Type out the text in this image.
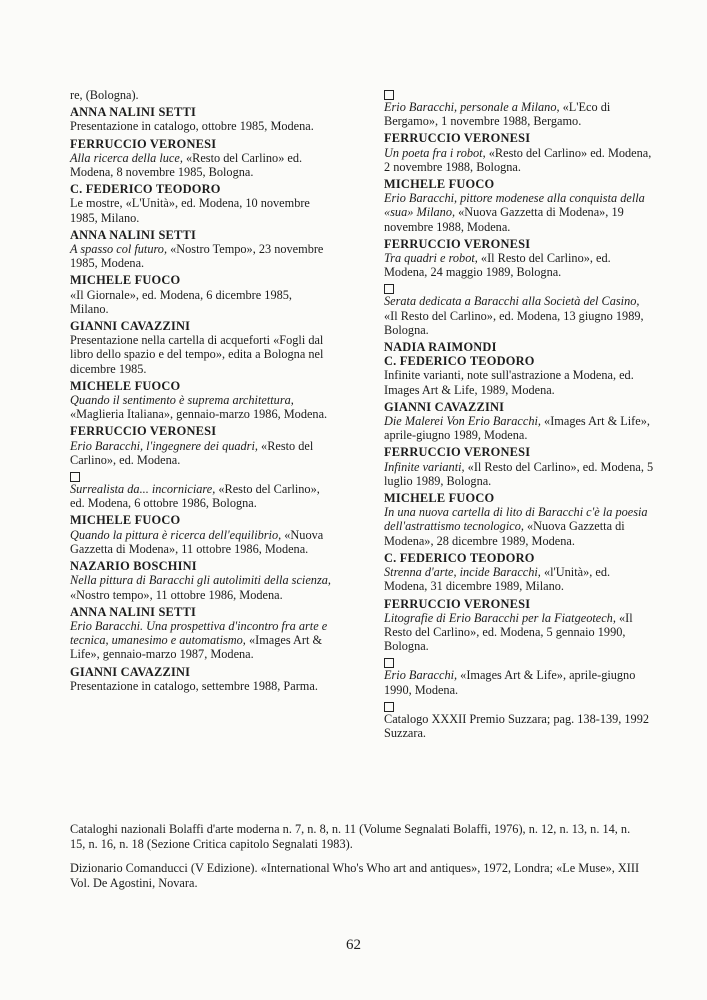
re, (Bologna).
ANNA NALINI SETTI
Presentazione in catalogo, ottobre 1985, Modena.
FERRUCCIO VERONESI
Alla ricerca della luce, «Resto del Carlino» ed. Modena, 8 novembre 1985, Bologna.
C. FEDERICO TEODORO
Le mostre, «L'Unità», ed. Modena, 10 novembre 1985, Milano.
ANNA NALINI SETTI
A spasso col futuro, «Nostro Tempo», 23 novembre 1985, Modena.
MICHELE FUOCO
«Il Giornale», ed. Modena, 6 dicembre 1985, Milano.
GIANNI CAVAZZINI
Presentazione nella cartella di acqueforti «Fogli dal libro dello spazio e del tempo», edita a Bologna nel dicembre 1985.
MICHELE FUOCO
Quando il sentimento è suprema architettura, «Maglieria Italiana», gennaio-marzo 1986, Modena.
FERRUCCIO VERONESI
Erio Baracchi, l'ingegnere dei quadri, «Resto del Carlino», ed. Modena.
Surrealista da... incorniciare, «Resto del Carlino», ed. Modena, 6 ottobre 1986, Bologna.
MICHELE FUOCO
Quando la pittura è ricerca dell'equilibrio, «Nuova Gazzetta di Modena», 11 ottobre 1986, Modena.
NAZARIO BOSCHINI
Nella pittura di Baracchi gli autolimiti della scienza, «Nostro tempo», 11 ottobre 1986, Modena.
ANNA NALINI SETTI
Erio Baracchi. Una prospettiva d'incontro fra arte e tecnica, umanesimo e automatismo, «Images Art & Life», gennaio-marzo 1987, Modena.
GIANNI CAVAZZINI
Presentazione in catalogo, settembre 1988, Parma.
Erio Baracchi, personale a Milano, «L'Eco di Bergamo», 1 novembre 1988, Bergamo.
FERRUCCIO VERONESI
Un poeta fra i robot, «Resto del Carlino» ed. Modena, 2 novembre 1988, Bologna.
MICHELE FUOCO
Erio Baracchi, pittore modenese alla conquista della «sua» Milano, «Nuova Gazzetta di Modena», 19 novembre 1988, Modena.
FERRUCCIO VERONESI
Tra quadri e robot, «Il Resto del Carlino», ed. Modena, 24 maggio 1989, Bologna.
Serata dedicata a Baracchi alla Società del Casino, «Il Resto del Carlino», ed. Modena, 13 giugno 1989, Bologna.
NADIA RAIMONDI
C. FEDERICO TEODORO
Infinite varianti, note sull'astrazione a Modena, ed. Images Art & Life, 1989, Modena.
GIANNI CAVAZZINI
Die Malerei Von Erio Baracchi, «Images Art & Life», aprile-giugno 1989, Modena.
FERRUCCIO VERONESI
Infinite varianti, «Il Resto del Carlino», ed. Modena, 5 luglio 1989, Bologna.
MICHELE FUOCO
In una nuova cartella di lito di Baracchi c'è la poesia dell'astrattismo tecnologico, «Nuova Gazzetta di Modena», 28 dicembre 1989, Modena.
C. FEDERICO TEODORO
Strenna d'arte, incide Baracchi, «l'Unità», ed. Modena, 31 dicembre 1989, Milano.
FERRUCCIO VERONESI
Litografie di Erio Baracchi per la Fiatgeotech, «Il Resto del Carlino», ed. Modena, 5 gennaio 1990, Bologna.
Erio Baracchi, «Images Art & Life», aprile-giugno 1990, Modena.
Catalogo XXXII Premio Suzzara; pag. 138-139, 1992 Suzzara.
Cataloghi nazionali Bolaffi d'arte moderna n. 7, n. 8, n. 11 (Volume Segnalati Bolaffi, 1976), n. 12, n. 13, n. 14, n. 15, n. 16, n. 18 (Sezione Critica capitolo Segnalati 1983).
Dizionario Comanducci (V Edizione). «International Who's Who art and antiques», 1972, Londra; «Le Muse», XIII Vol. De Agostini, Novara.
62
